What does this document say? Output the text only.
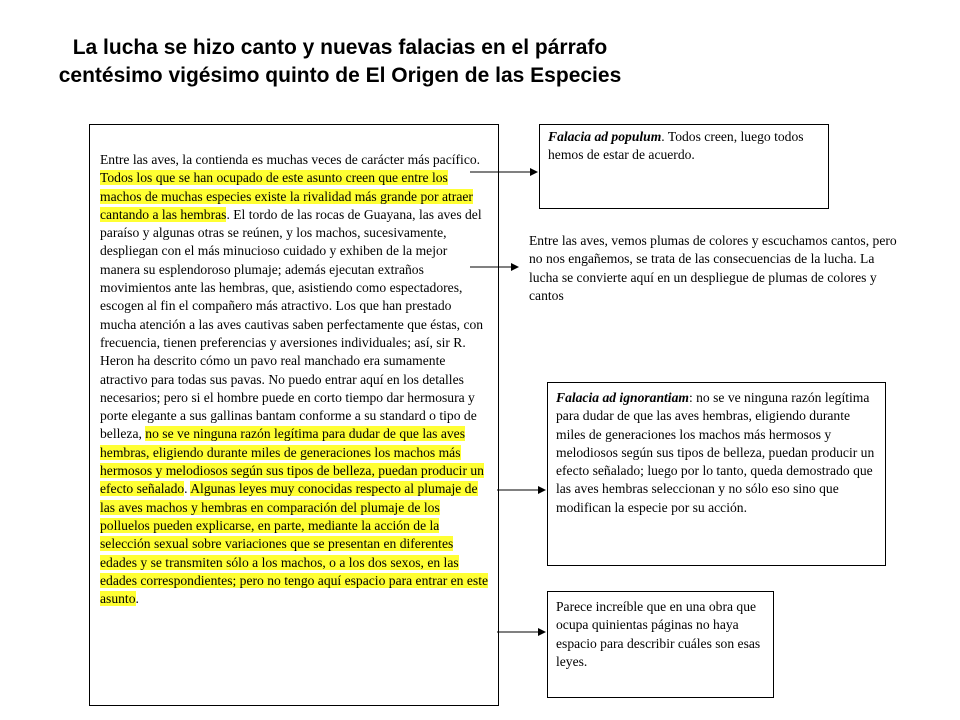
La lucha se hizo canto y nuevas falacias en el párrafo
centésimo vigésimo quinto de El Origen de las Especies
Entre las aves, la contienda es muchas veces de carácter más pacífico. Todos los que se han ocupado de este asunto creen que entre los machos de muchas especies existe la rivalidad más grande por atraer cantando a las hembras. El tordo de las rocas de Guayana, las aves del paraíso y algunas otras se reúnen, y los machos, sucesivamente, despliegan con el más minucioso cuidado y exhiben de la mejor manera su esplendoroso plumaje; además ejecutan extraños movimientos ante las hembras, que, asistiendo como espectadores, escogen al fin el compañero más atractivo. Los que han prestado mucha atención a las aves cautivas saben perfectamente que éstas, con frecuencia, tienen preferencias y aversiones individuales; así, sir R. Heron ha descrito cómo un pavo real manchado era sumamente atractivo para todas sus pavas. No puedo entrar aquí en los detalles necesarios; pero si el hombre puede en corto tiempo dar hermosura y porte elegante a sus gallinas bantam conforme a su standard o tipo de belleza, no se ve ninguna razón legítima para dudar de que las aves hembras, eligiendo durante miles de generaciones los machos más hermosos y melodiosos según sus tipos de belleza, puedan producir un efecto señalado. Algunas leyes muy conocidas respecto al plumaje de las aves machos y hembras en comparación del plumaje de los polluelos pueden explicarse, en parte, mediante la acción de la selección sexual sobre variaciones que se presentan en diferentes edades y se transmiten sólo a los machos, o a los dos sexos, en las edades correspondientes; pero no tengo aquí espacio para entrar en este asunto.
Falacia ad populum. Todos creen, luego todos hemos de estar de acuerdo.
Entre las aves, vemos plumas de colores y escuchamos cantos, pero no nos engañemos, se trata de las consecuencias de la lucha. La lucha se convierte aquí en un despliegue de plumas de colores y cantos
Falacia ad ignorantiam: no se ve ninguna razón legítima para dudar de que las aves hembras, eligiendo durante miles de generaciones los machos más hermosos y melodiosos según sus tipos de belleza, puedan producir un efecto señalado; luego por lo tanto, queda demostrado que las aves hembras seleccionan y no sólo eso sino que modifican la especie por su acción.
Parece increíble que en una obra que ocupa quinientas páginas no haya espacio para describir cuáles son esas leyes.
